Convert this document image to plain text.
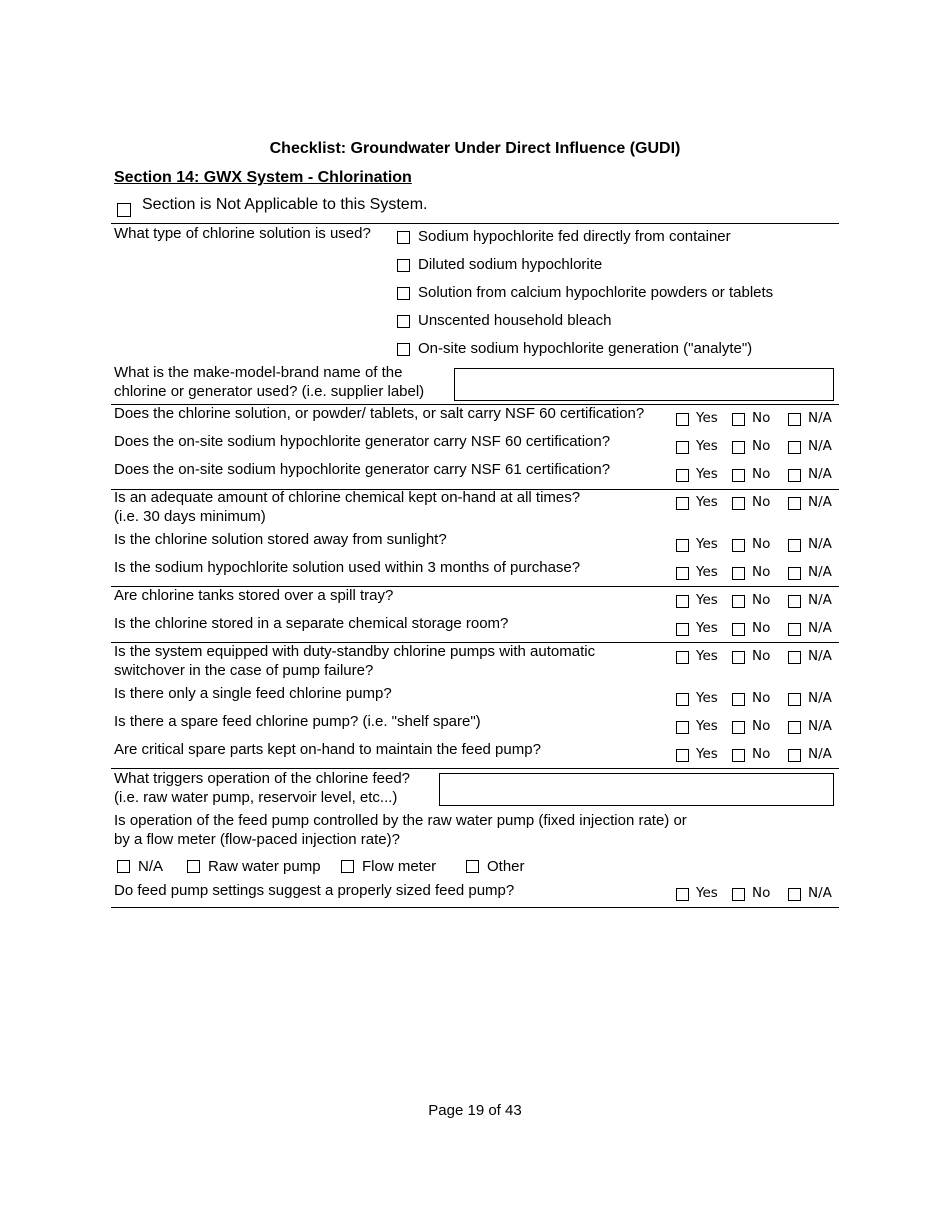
Checklist: Groundwater Under Direct Influence (GUDI)
Section 14: GWX System - Chlorination
Section is Not Applicable to this System.
What type of chlorine solution is used?	Sodium hypochlorite fed directly from container
Diluted sodium hypochlorite
Solution from calcium hypochlorite powders or tablets
Unscented household bleach
On-site sodium hypochlorite generation ("analyte")
What is the make-model-brand name of the
chlorine or generator used? (i.e. supplier label)
Does the chlorine solution, or powder/ tablets, or salt carry NSF 60 certification?	Yes	No	N/A
Does the on-site sodium hypochlorite generator carry NSF 60 certification?	Yes	No	N/A
Does the on-site sodium hypochlorite generator carry NSF 61 certification?	Yes	No	N/A
Is an adequate amount of chlorine chemical kept on-hand at all times?
(i.e. 30 days minimum)
Yes	No	N/A
Is the chlorine solution stored away from sunlight?	Yes	No	N/A
Is the sodium hypochlorite solution used within 3 months of purchase?	Yes	No	N/A
Are chlorine tanks stored over a spill tray?	Yes	No	N/A
Is the chlorine stored in a separate chemical storage room?	Yes	No	N/A
Is the system equipped with duty-standby chlorine pumps with automatic
switchover in the case of pump failure?
Yes	No	N/A
Is there only a single feed chlorine pump?	Yes	No	N/A
Is there a spare feed chlorine pump? (i.e. "shelf spare")	Yes	No	N/A
Are critical spare parts kept on-hand to maintain the feed pump?	Yes	No	N/A
What triggers operation of the chlorine feed?
(i.e. raw water pump, reservoir level, etc...)
Is operation of the feed pump controlled by the raw water pump (fixed injection rate) or
by a flow meter (flow-paced injection rate)?
N/A	Raw water pump	Flow meter	Other
Do feed pump settings suggest a properly sized feed pump?	Yes	No	N/A
Page 19 of 43
